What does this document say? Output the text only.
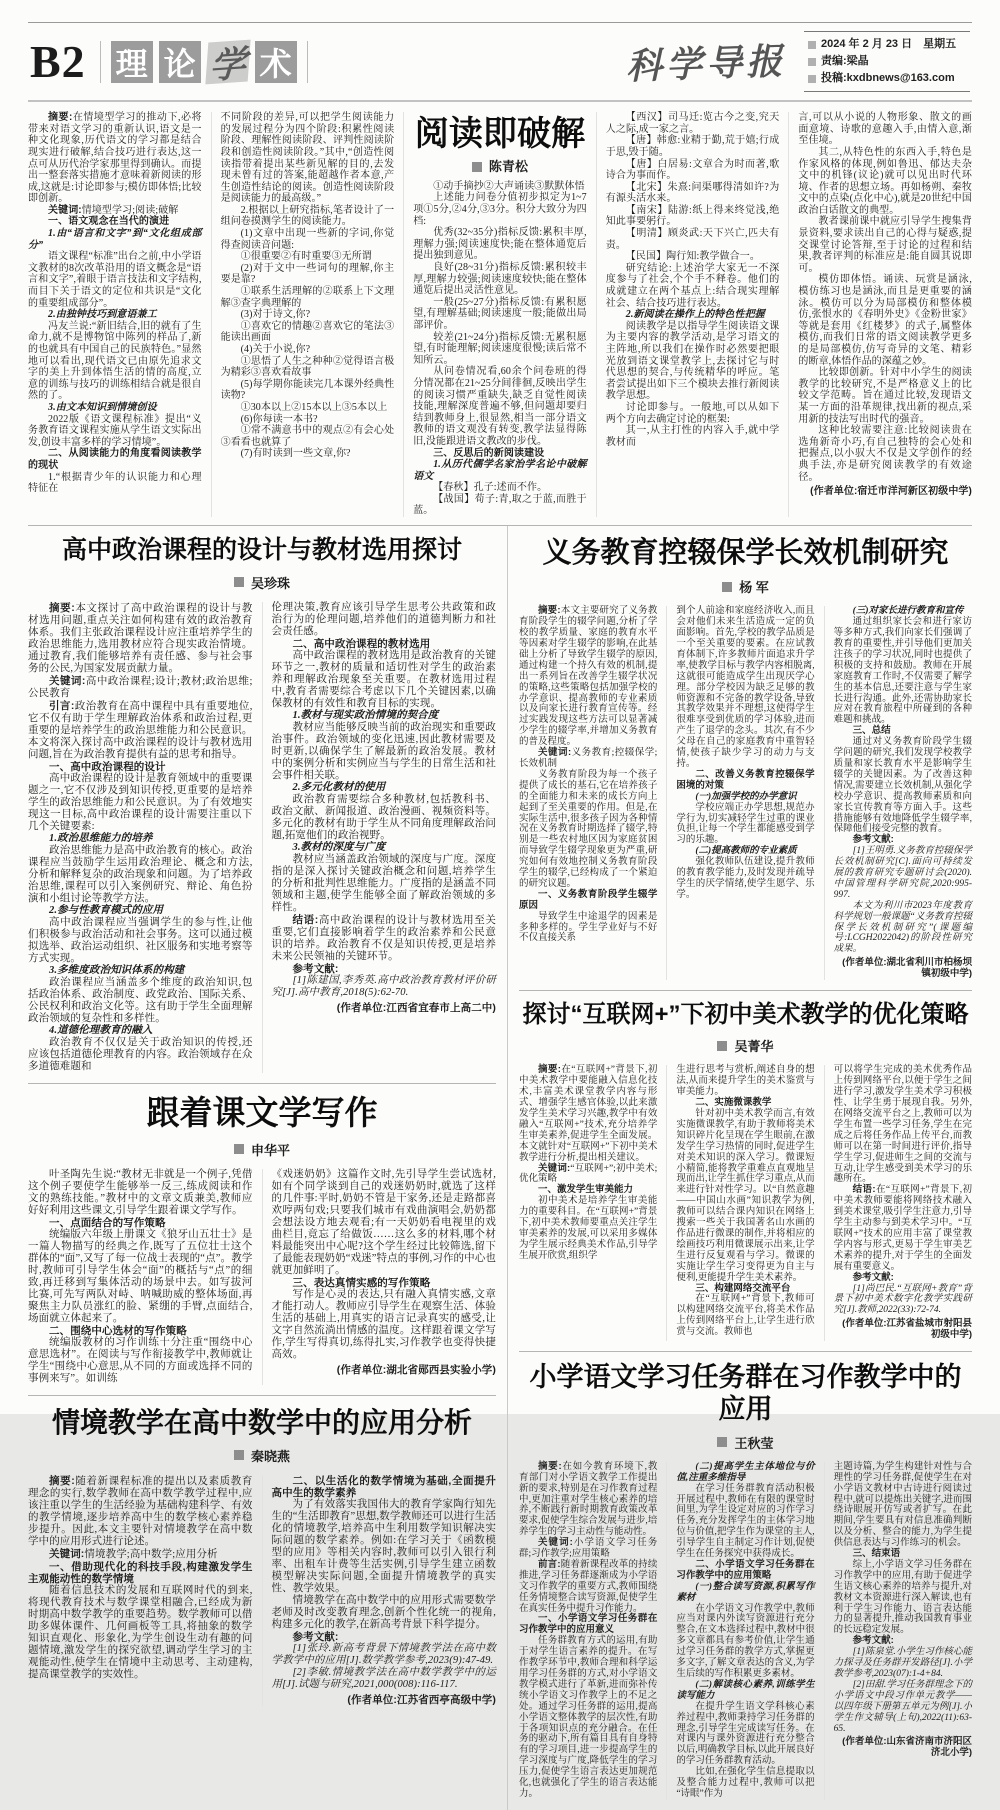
B2 理 论 学 术	科学导报	2024 年 2 月 23 日　星期五
责编:梁晶
投稿:kxdbnews@163.com

摘要:在情境型学习的推动下,必将带来对语文学习的重新认识,语文是一种文化现象,历代语文的学习都是结合现实进行破解,结合技巧进行表达,这一点可从历代治学家那里得到确认。而提出一整套落实措施才意味着新阅读的形成,这就是:讨论即参与;模仿即体悟;比较即创新。

关键词:情境型学习;阅读;破解

一、语文观念在当代的演进

1.由“语言和文字”到“文化组成部分”

语文课程“标准”出台之前,中小学语文教材的8次改革沿用的语文概念是“语言和文字”,着眼于语言技法和文字结构,而目下关于语文的定位和共识是“文化的重要组成部分”。

2.由独钟技巧到意语兼工

冯友兰说:“新旧结合,旧的就有了生命力,就不是博物馆中陈列的样品了,新的也就具有中国自己的民族特色。”显然地可以看出,现代语文已由原先追求文字的美上升到体悟生活的情的高度,立意的训练与技巧的训练相结合就是很自然的了。

3.由文本知识到情境创设

2022版《语文课程标准》提出“义务教育语文课程实施从学生语文实际出发,创设丰富多样的学习情境”。

二、从阅读能力的角度看阅读教学的现状

1.“根据青少年的认识能力和心理特征在

不同阶段的差异,可以把学生阅读能力的发展过程分为四个阶段:积累性阅读阶段、理解性阅读阶段、评判性阅读阶段和创造性阅读阶段。”其中,“创造性阅读指带着提出某些新见解的目的,去发现未曾有过的答案,能超越作者本意,产生创造性结论的阅读。创造性阅读阶段是阅读能力的最高级。”

2.根据以上研究指标,笔者设计了一组问卷摸测学生的阅读能力。

(1)文章中出现一些新的字词,你觉得查阅读音问题:

①很重要②有时重要③无所谓

(2)对于文中一些词句的理解,你主要是靠?

①联系生活理解的②联系上下文理解③查字典理解的

(3)对于诗文,你?

①喜欢它的情趣②喜欢它的笔法③能读出画面

(4)关于小说,你?

①思悟了人生之种种②觉得语言极为精彩③喜欢看故事

(5)每学期你能读完几本课外经典性读物?

①30本以上②15本以上③5本以上

(6)你每读一本书?

①常不满意书中的观点②有会心处③看看也就算了

(7)有时读到一些文章,你?

阅读即破解
陈青松

①动手摘抄②大声诵读③默默体悟

上述能力问卷分值初步拟定为1~7项①5分,②4分,③3分。积分大致分为四档:

优秀(32~35分)指标反馈:累积丰厚,理解力强;阅读速度快;能在整体通览后提出独到意见。

良好(28~31分)指标反馈:累积较丰厚,理解力较强;阅读速度较快;能在整体通览后提出灵活性意见。

一般(25~27分)指标反馈:有累积愿望,有理解基础;阅读速度一般;能做出局部评价。

较差(21~24分)指标反馈:无累积愿望,有时能理解;阅读速度很慢;读后常不知所云。

从问卷情况看,60余个问卷班的得分情况都在21~25分间徘徊,反映出学生的阅读习惯严重缺失,缺乏自觉性阅读技能,理解深度普遍不够,但问题却要归结到教师身上,很显然,相当一部分语文教师的语文观没有转变,教学法显得陈旧,没能跟进语文教改的步伐。

三、反思后的新阅读建设

1.从历代儒学名家治学名论中破解语文

【春秋】孔子:述而不作。

【战国】荀子:青,取之于蓝,而胜于蓝。

【西汉】司马迁:览古今之变,究天人之际,成一家之言。

【唐】韩愈:业精于勤,荒于嬉;行成于思,毁于随。

【唐】白居易:文章合为时而著,歌诗合为事而作。

【北宋】朱熹:问渠哪得清如许?为有源头活水来。

【南宋】陆游:纸上得来终觉浅,绝知此事要躬行。

【明清】顾炎武:天下兴亡,匹夫有责。

【民国】陶行知:教学做合一。

研究结论:上述治学大家无一不深度参与了社会,个个手不释卷。他们的成就建立在两个基点上:结合现实理解社会、结合技巧进行表达。

2.新阅读在操作上的特色性把握

阅读教学是以指导学生阅读语文课为主要内容的教学活动,是学习语文的主阵地,所以我们在操作时必然要把眼光放到语文课堂教学上,去探讨它与时代思想的契合,与传统精华的呼应。笔者尝试提出如下三个模块去推行新阅读教学思想。

讨论即参与。一般地,可以从如下两个方向去确定讨论的框架:

其一,从主打性的内容入手,就中学教材而

言,可以从小说的人物形象、散文的画面意境、诗歌的意趣入手,由情入意,渐至佳境。

其二,从特色性的东西入手,特色是作家风格的体现,例如鲁迅、郁达夫杂文中的机锋(议论)就可以见出时代环境、作者的思想立场。再如杨朔、秦牧文中的点染(点化中心),就是20世纪中国政治白话散文的典型。

教者课前课中就应引导学生搜集背景资料,要求读出自己的心得与疑惑,提交课堂讨论答辩,至于讨论的过程和结果,教者评判的标准应是:能自圆其说即可。

模仿即体悟。诵读、玩赏是涵泳,模仿练习也是涵泳,而且是更重要的涵泳。模仿可以分为局部模仿和整体模仿,张恨水的《春明外史》《金粉世家》等就是套用《红楼梦》的式子,属整体模仿,而我们日常的语文阅读教学更多的是局部模仿,仿写奇异的文笔、精彩的断章,体悟作品的深蕴之妙。

比较即创新。针对中小学生的阅读教学的比较研究,不是严格意义上的比较文学范畴。旨在通过比较,发现语文某一方面的沿革规律,找出新的视点,采用新的技法写出时代的强音。

这种比较需要注意:比较阅读贵在选角新奇小巧,有自己独特的会心处和把握点,以小驭大不仅是文学创作的经典手法,亦是研究阅读教学的有效途径。

(作者单位:宿迁市洋河新区初级中学)

高中政治课程的设计与教材选用探讨
吴珍珠

摘要:本文探讨了高中政治课程的设计与教材选用问题,重点关注如何构建有效的政治教育体系。我们主张政治课程设计应注重培养学生的政治思维能力,选用教材应符合现实政治情境。通过教育,我们能够培养有责任感、参与社会事务的公民,为国家发展贡献力量。

关键词:高中政治课程;设计;教材;政治思维;公民教育

引言:政治教育在高中课程中具有重要地位,它不仅有助于学生理解政治体系和政治过程,更重要的是培养学生的政治思维能力和公民意识。本文将深入探讨高中政治课程的设计与教材选用问题,旨在为政治教育提供有益的思考和指导。

一、高中政治课程的设计

高中政治课程的设计是教育领域中的重要课题之一,它不仅涉及到知识传授,更重要的是培养学生的政治思维能力和公民意识。为了有效地实现这一目标,高中政治课程的设计需要注重以下几个关键要素:

1.政治思维能力的培养

政治思维能力是高中政治教育的核心。政治课程应当鼓励学生运用政治理论、概念和方法,分析和解释复杂的政治现象和问题。为了培养政治思维,课程可以引入案例研究、辩论、角色扮演和小组讨论等教学方法。

2.参与性教育模式的应用

高中政治课程应当强调学生的参与性,让他们积极参与政治活动和社会事务。这可以通过模拟选举、政治运动组织、社区服务和实地考察等方式实现。

3.多维度政治知识体系的构建

政治课程应当涵盖多个维度的政治知识,包括政治体系、政治制度、政党政治、国际关系、公民权利和政治文化等。这有助于学生全面理解政治领域的复杂性和多样性。

4.道德伦理教育的融入

政治教育不仅仅是关于政治知识的传授,还应该包括道德伦理教育的内容。政治领域存在众多道德难题和

伦理决策,教育应该引导学生思考公共政策和政治行为的伦理问题,培养他们的道德判断力和社会责任感。

二、高中政治课程的教材选用

高中政治课程的教材选用是政治教育的关键环节之一,教材的质量和适切性对学生的政治素养和理解政治现象至关重要。在教材选用过程中,教育者需要综合考虑以下几个关键因素,以确保教材的有效性和教育目标的实现。

1.教材与现实政治情境的契合度

教材应当能够反映当前的政治现实和重要政治事件。政治领域的变化迅速,因此教材需要及时更新,以确保学生了解最新的政治发展。教材中的案例分析和实例应当与学生的日常生活和社会事件相关联。

2.多元化教材的使用

政治教育需要综合多种教材,包括教科书、政治文献、新闻报道、政治漫画、视频资料等。多元化的教材有助于学生从不同角度理解政治问题,拓宽他们的政治视野。

3.教材的深度与广度

教材应当涵盖政治领域的深度与广度。深度指的是深入探讨关键政治概念和问题,培养学生的分析和批判性思维能力。广度指的是涵盖不同领域和主题,使学生能够全面了解政治领域的多样性。

结语:高中政治课程的设计与教材选用至关重要,它们直接影响着学生的政治素养和公民意识的培养。政治教育不仅是知识传授,更是培养未来公民领袖的关键环节。

参考文献:

[1]陈建国,李秀英.高中政治教育教材评价研究[J].高中教育,2018(5):62-70.

(作者单位:江西省宜春市上高二中)

跟着课文学写作
申华平

叶圣陶先生说:“教材无非就是一个例子,凭借这个例子要使学生能够举一反三,练成阅读和作文的熟练技能。”教材中的文章文质兼美,教师应好好利用这些课文,引导学生跟着课文学写作。

一、点面结合的写作策略

统编版六年级上册课文《狼牙山五壮士》是一篇人物描写的经典之作,既写了五位壮士这个群体的“面”,又写了每一位战士表现的“点”。教学时,教师可引导学生体会“面”的概括与“点”的细致,再迁移到写集体活动的场景中去。如写拔河比赛,可先写两队对峙、呐喊助威的整体场面,再聚焦主力队员涨红的脸、紧绷的手臂,点面结合,场面就立体起来了。

二、围绕中心选材的写作策略

统编版教材的习作训练十分注重“围绕中心意思选材”。在阅读与写作衔接教学中,教师就让学生“围绕中心意思,从不同的方面或选择不同的事例来写”。如训练

《戏迷奶奶》这篇作文时,先引导学生尝试选材,如有个同学谈到自己的戏迷奶奶时,就选了这样的几件事:平时,奶奶不管是干家务,还是走路都喜欢哼两句戏;只要我们城市有戏曲演唱会,奶奶都会想法设方地去观看;有一天奶奶看电视里的戏曲栏目,竟忘了给做饭……这么多的材料,哪个材料最能突出中心呢?这个学生经过比较筛选,留下了最能表现奶奶“戏迷”特点的事例,习作的中心也就更加鲜明了。

三、表达真情实感的写作策略

写作是心灵的表达,只有融入真情实感,文章才能打动人。教师应引导学生在观察生活、体验生活的基础上,用真实的语言记录真实的感受,让文字自然流淌出情感的温度。这样跟着课文学写作,学生写得真切,练得扎实,习作教学也变得快捷高效。

(作者单位:湖北省郧西县实验小学)

情境教学在高中数学中的应用分析
秦晓燕

摘要:随着新课程标准的提出以及素质教育理念的实行,数学教师在高中数学教学过程中,应该注重以学生的生活经验为基础构建科学、有效的教学情境,逐步培养高中生的数学核心素养稳步提升。因此,本文主要针对情境教学在高中数学中的应用形式进行论述。

关键词:情境教学;高中数学;应用分析

一、借助现代化的科技手段,构建激发学生主观能动性的数学情境

随着信息技术的发展和互联网时代的到来,将现代教育技术与数学课堂相融合,已经成为新时期高中数学教学的重要趋势。数学教师可以借助多媒体课件、几何画板等工具,将抽象的数学知识直观化、形象化,为学生创设生动有趣的问题情境,激发学生的探究欲望,调动学生学习的主观能动性,使学生在情境中主动思考、主动建构,提高课堂教学的实效性。

二、以生活化的数学情境为基础,全面提升高中生的数学素养

为了有效落实我国伟大的教育学家陶行知先生的“生活即教育”思想,数学教师还可以进行生活化的情境教学,培养高中生利用数学知识解决实际问题的数学素养。例如:在学习关于《函数模型的应用》等相关内容时,教师可以引入银行利率、出租车计费等生活实例,引导学生建立函数模型解决实际问题,全面提升情境教学的真实性、教学效果。

情境教学在高中数学中的应用形式需要数学老师及时改变教育理念,创新个性化统一的视角,构建多元化的教学,在新高考背景下科学提分。

参考文献:

[1]张玲.新高考背景下情境教学法在高中数学教学中的应用[J].数学教学参考,2023(9):47-49.

[2]李敏.情境教学法在高中数学教学中的运用[J].试题与研究,2021,000(008):116-117.

(作者单位:江苏省西亭高级中学)

义务教育控辍保学长效机制研究
杨 军

摘要:本文主要研究了义务教育阶段学生的辍学问题,分析了学校的教学质量、家庭的教育水平等因素对学生辍学的影响,在此基础上分析了导致学生辍学的原因,通过构建一个持久有效的机制,提出一系列旨在改善学生辍学状况的策略,这些策略包括加强学校的办学意识、提高教师的专业素质以及向家长进行教育宣传等。经过实践发现这些方法可以显著减少学生的辍学率,并增加义务教育的普及程度。

关键词:义务教育;控辍保学;长效机制

义务教育阶段为每一个孩子提供了成长的基石,它在培养孩子的全面能力和未来的成长方向上起到了至关重要的作用。但是,在实际生活中,很多孩子因为各种情况在义务教育时期选择了辍学,特别是一些农村地区因为家庭贫困而导致学生辍学现象更为严重,研究如何有效地控制义务教育阶段学生的辍学,已经构成了一个紧迫的研究议题。

一、义务教育阶段学生辍学原因

导致学生中途退学的因素是多种多样的。学生学业好与不好不仅直接关系

到个人前途和家庭经济收入,而且会对他们未来生活造成一定的负面影响。首先,学校的教学品质是一个至关重要的要素。在应试教育体制下,许多教师片面追求升学率,使教学目标与教学内容相脱离,这就很可能造成学生出现厌学心理。部分学校因为缺乏足够的教师资源和不完备的教学设备,导致其教学效果并不理想,这使得学生很难享受到优质的学习体验,进而产生了退学的念头。其次,有不少父母在自己的家庭教育中重智轻情,使孩子缺少学习的动力与支持。

二、改善义务教育控辍保学困境的对策

(一)加强学校的办学意识

学校应端正办学思想,规范办学行为,切实减轻学生过重的课业负担,让每一个学生都能感受到学习的乐趣。

(二)提高教师的专业素质

强化教师队伍建设,提升教师的教育教学能力,及时发现并疏导学生的厌学情绪,使学生愿学、乐学。

(三)对家长进行教育和宣传

通过组织家长会和进行家访等多种方式,我们向家长们强调了教育的重要性,并引导他们更加关注孩子的学习状况,同时也提供了积极的支持和鼓励。教师在开展家庭教育工作时,不仅需要了解学生的基本信息,还要注意与学生家长进行沟通。此外,还需协助家长应对在教育旅程中所碰到的各种难题和挑战。

三、总结

通过对义务教育阶段学生辍学问题的研究,我们发现学校教学质量和家长教育水平是影响学生辍学的关键因素。为了改善这种情况,需要建立长效机制,从强化学校办学意识、提高教师素质和向家长宣传教育等方面入手。这些措施能够有效地降低学生辍学率,保障他们接受完整的教育。

参考文献:

[1]王明勇.义务教育控辍保学长效机制研究[C].面向可持续发展的教育研究专题研讨会(2020).中国管理科学研究院,2020:995-997.

本文为利川市2023年度教育科学规划一般课题“义务教育控辍保学长效机制研究”(课题编号:LCGH2022042)的阶段性研究成果。

(作者单位:湖北省利川市柏杨坝镇初级中学)

探讨“互联网+”下初中美术教学的优化策略
吴菁华

摘要:在“互联网+”背景下,初中美术教学中要能融入信息化技术,丰富美术课堂教学内容与形式、增强学生感官体验,以此来激发学生美术学习兴趣,教学中有效融入“互联网+”技术,充分培养学生审美素养,促进学生全面发展。本文就针对“互联网+”下初中美术教学进行分析,提出相关建议。

关键词:“互联网+”;初中美术;优化策略

一、激发学生审美能力

初中美术是培养学生审美能力的重要科目。在“互联网+”背景下,初中美术教师要重点关注学生审美素养的发展,可以采用多媒体为学生展示经典美术作品,引导学生展开欣赏,组织学

生进行思考与赏析,阐述自身的想法,从而来提升学生的美术鉴赏与审美能力。

二、实施微课教学

针对初中美术教学而言,有效实施微课教学,有助于教师将美术知识碎片化呈现在学生眼前,在激发学生学习热情的同时,促进学生对美术知识的深入学习。微课短小精简,能将教学重难点直观地呈现而出,让学生抓住学习重点,从而来进行针对性学习。以“自然意趣——中国山水画”知识教学为例,教师可以结合课内知识在网络上搜索一些关于我国著名山水画的作品进行微课的制作,并将相应的绘画技巧利用微课展示出来,让学生进行反复观看与学习。微课的实施让学生学习变得更为自主与便利,更能提升学生美术素养。

三、构建网络交流平台

在“互联网+”背景下,教师可以构建网络交流平台,将美术作品上传到网络平台上,让学生进行欣赏与交流。教师也

可以将学生完成的美术优秀作品上传到网络平台,以便于学生之间进行学习,激发学生美术学习积极性、让学生勇于展现自我。另外,在网络交流平台之上,教师可以为学生布置一些学习任务,学生在完成之后将任务作品上传平台,而教师可以在第一时间进行评价,指导学生学习,促进师生之间的交流与互动,让学生感受到美术学习的乐趣所在。

结语:在“互联网+”背景下,初中美术教师要能将网络技术融入到美术课堂,吸引学生注意力,引导学生主动参与到美术学习中。“互联网+”技术的应用丰富了课堂教学内容与形式,更易于学生审美艺术素养的提升,对于学生的全面发展有重要意义。

参考文献:

[1]尚巴民.“互联网+教育”背景下初中美术数字化教学实践研究[J].教师,2022(33):72-74.

(作者单位:江苏省盐城市射阳县初级中学)

小学语文学习任务群在习作教学中的应用
王秋莹

摘要:在如今教育环境下,教育部门对小学语文教学工作提出新的要求,特别是在习作教育过程中,更加注重对学生核心素养的培养,不断践行新时期教育政策改革要求,促使学生综合发展与进步,培养学生的学习主动性与能动性。

关键词:小学语文学习任务群;习作教学;应用策略

前言:随着新课程改革的持续推进,学习任务群逐渐成为小学语文习作教学的重要方式,教师围绕任务情境整合读写资源,促使学生在真实任务中提升习作能力。

一、小学语文学习任务群在习作教学中的应用意义

任务群教育方式的运用,有助于对学生语言素养的提升。在写作教学环节中,教师合理和科学运用学习任务群的方式,对小学语文教学模式进行了革新,进而弥补传统小学语文习作教学上的不足之处。通过学习任务群的运用,提高小学语文整体教学的层次性,有助于各项知识点的充分融合。在任务的驱动下,所有篇目具有自身特有的学习项目,进一步提高学生的学习深度与广度,降低学生的学习压力,促使学生语言表达更加规范化,也就强化了学生的语言表达能力。

(二)提高学生主体地位与价值,注重多维指导

在学习任务群教育活动积极开展过程中,教师在有限的课堂时间里,为学生设定对应的习作学习任务,充分发挥学生的主体学习地位与价值,把学生作为课堂的主人,引导学生自主制定习作计划,促使学生在任务探究中获得成长。

二、小学语文学习任务群在习作教学中的应用策略

(一)整合读写资源,积累写作素材

在小学语文习作教学中,教师应当对课内外读写资源进行充分整合,在文本选择过程中,教材中很多文章都具有参考价值,让学生通过学习任务群的教学方式,掌握更多文字,了解文章表达的含义,为学生后续的写作积累更多素材。

(二)解读核心素养,训练学生读写能力

在提升学生语文学科核心素养过程中,教师秉持学习任务群的理念,引导学生完成读写任务。在对课内与课外资源进行充分整合以后,明确教学目标,以此开展良好的学习任务群教育活动。

比如,在强化学生信息提取以及整合能力过程中,教师可以把“诗眼”作为

主题诗篇,为学生构建针对性与合理性的学习任务群,促使学生在对小学语文教材中古诗进行阅读过程中,就可以提炼出关键字,进而围绕诗眼展开仿写或者扩写。在此期间,学生要具有对信息准确判断以及分析、整合的能力,为学生提供信息表达与习作练习的机会。

三、结束语

综上,小学语文学习任务群在习作教学中的应用,有助于促进学生语文核心素养的培养与提升,对教材文本资源进行深入解读,也有利于学生习作能力、语言表达能力的显著提升,推动我国教育事业的长远稳定发展。

参考文献:

[1]陈泉堂.小学生习作核心能力探寻及任务群开发路径[J].小学教学参考,2023(07):1-4+84.

[2]田甜.学习任务群理念下的小学语文中段习作单元教学——以四年级下册第五单元为例[J].小学生作文辅导(上旬),2022(11):63-65.

(作者单位:山东省济南市济阳区济北小学)
